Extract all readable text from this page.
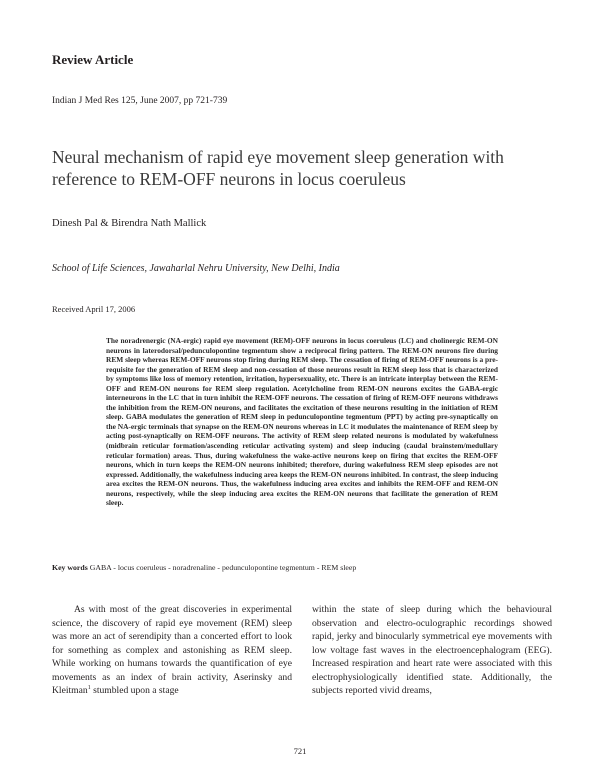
Review Article
Indian J Med Res 125, June 2007, pp 721-739
Neural mechanism of rapid eye movement sleep generation with reference to REM-OFF neurons in locus coeruleus
Dinesh Pal & Birendra Nath Mallick
School of Life Sciences, Jawaharlal Nehru University, New Delhi, India
Received April 17, 2006
The noradrenergic (NA-ergic) rapid eye movement (REM)-OFF neurons in locus coeruleus (LC) and cholinergic REM-ON neurons in laterodorsal/pedunculopontine tegmentum show a reciprocal firing pattern. The REM-ON neurons fire during REM sleep whereas REM-OFF neurons stop firing during REM sleep. The cessation of firing of REM-OFF neurons is a pre-requisite for the generation of REM sleep and non-cessation of those neurons result in REM sleep loss that is characterized by symptoms like loss of memory retention, irritation, hypersexuality, etc. There is an intricate interplay between the REM-OFF and REM-ON neurons for REM sleep regulation. Acetylcholine from REM-ON neurons excites the GABA-ergic interneurons in the LC that in turn inhibit the REM-OFF neurons. The cessation of firing of REM-OFF neurons withdraws the inhibition from the REM-ON neurons, and facilitates the excitation of these neurons resulting in the initiation of REM sleep. GABA modulates the generation of REM sleep in pedunculopontine tegmentum (PPT) by acting pre-synaptically on the NA-ergic terminals that synapse on the REM-ON neurons whereas in LC it modulates the maintenance of REM sleep by acting post-synaptically on REM-OFF neurons. The activity of REM sleep related neurons is modulated by wakefulness (midbrain reticular formation/ascending reticular activating system) and sleep inducing (caudal brainstem/medullary reticular formation) areas. Thus, during wakefulness the wake-active neurons keep on firing that excites the REM-OFF neurons, which in turn keeps the REM-ON neurons inhibited; therefore, during wakefulness REM sleep episodes are not expressed. Additionally, the wakefulness inducing area keeps the REM-ON neurons inhibited. In contrast, the sleep inducing area excites the REM-ON neurons. Thus, the wakefulness inducing area excites and inhibits the REM-OFF and REM-ON neurons, respectively, while the sleep inducing area excites the REM-ON neurons that facilitate the generation of REM sleep.
Key words GABA - locus coeruleus - noradrenaline - pedunculopontine tegmentum - REM sleep
As with most of the great discoveries in experimental science, the discovery of rapid eye movement (REM) sleep was more an act of serendipity than a concerted effort to look for something as complex and astonishing as REM sleep. While working on humans towards the quantification of eye movements as an index of brain activity, Aserinsky and Kleitman$^1$ stumbled upon a stage
within the state of sleep during which the behavioural observation and electro-oculographic recordings showed rapid, jerky and binocularly symmetrical eye movements with low voltage fast waves in the electroencephalogram (EEG). Increased respiration and heart rate were associated with this electrophysiologically identified state. Additionally, the subjects reported vivid dreams,
721
